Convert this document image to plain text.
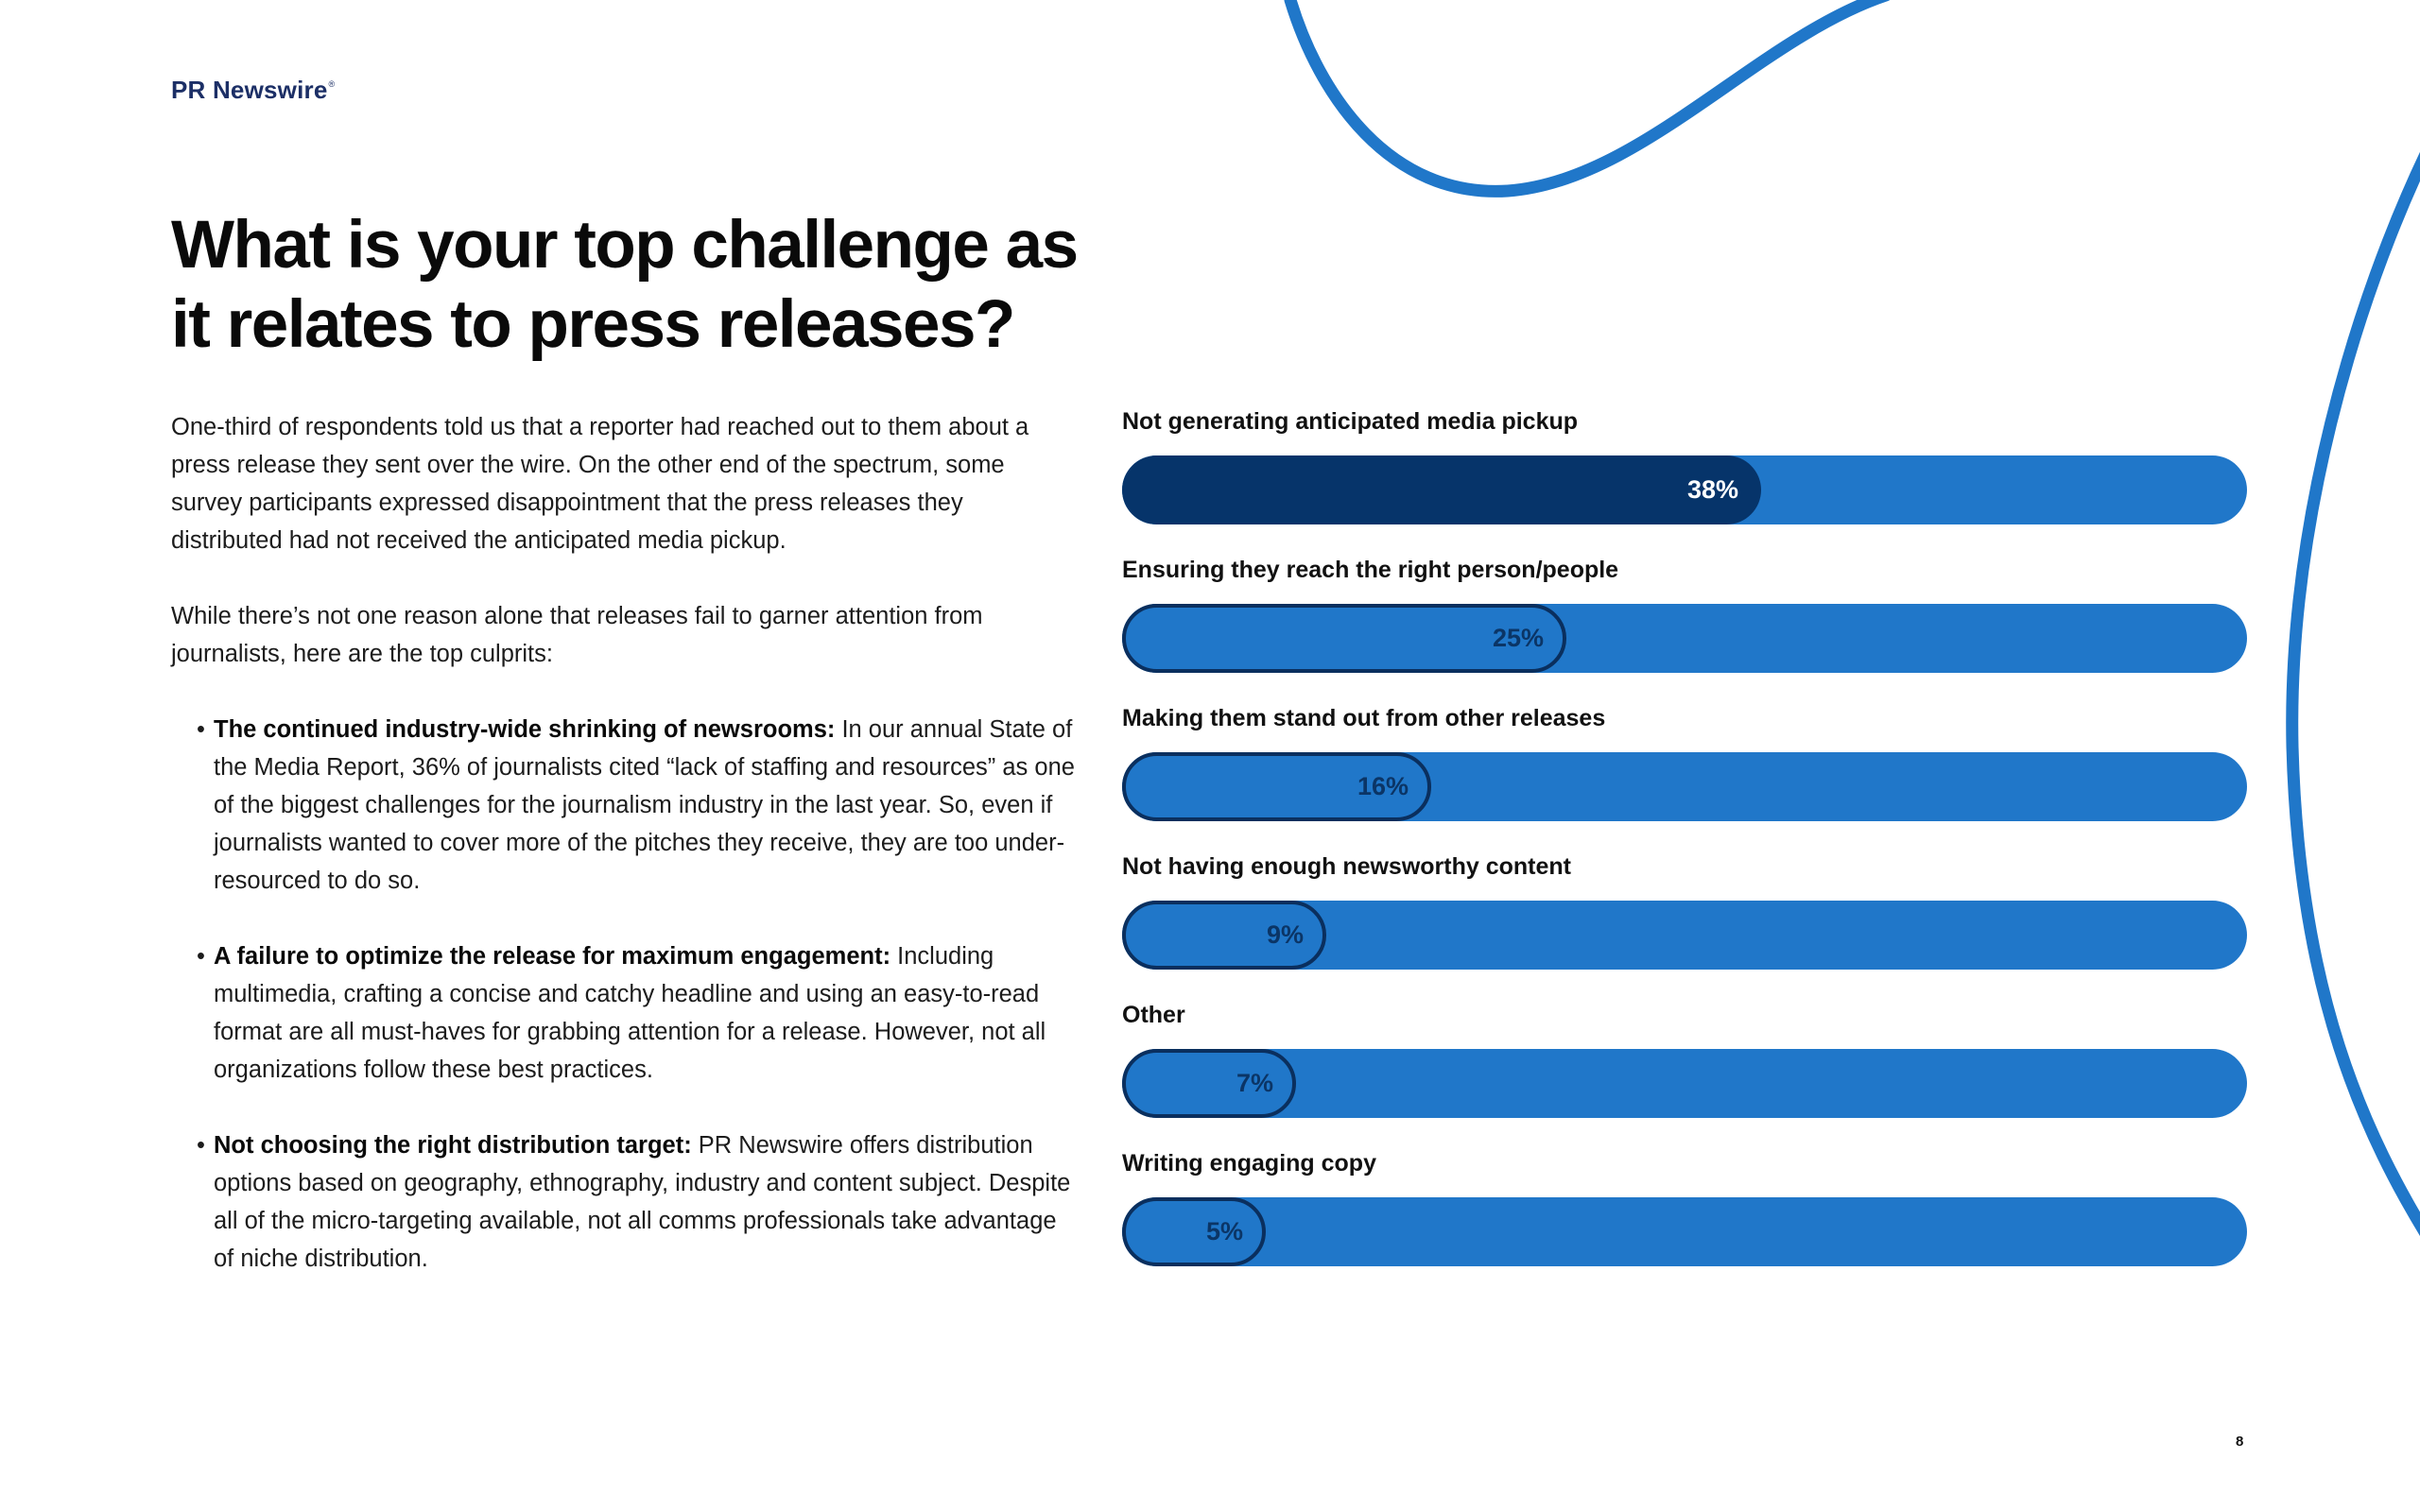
PR Newswire®
What is your top challenge as
it relates to press releases?

One-third of respondents told us that a reporter had reached out to them about a press release they sent over the wire. On the other end of the spectrum, some survey participants expressed disappointment that the press releases they distributed had not received the anticipated media pickup.

While there’s not one reason alone that releases fail to garner attention from journalists, here are the top culprits:

• The continued industry-wide shrinking of newsrooms: In our annual State of the Media Report, 36% of journalists cited “lack of staffing and resources” as one of the biggest challenges for the journalism industry in the last year. So, even if journalists wanted to cover more of the pitches they receive, they are too under-resourced to do so.
• A failure to optimize the release for maximum engagement: Including multimedia, crafting a concise and catchy headline and using an easy-to-read format are all must-haves for grabbing attention for a release. However, not all organizations follow these best practices.
• Not choosing the right distribution target: PR Newswire offers distribution options based on geography, ethnography, industry and content subject. Despite all of the micro-targeting available, not all comms professionals take advantage of niche distribution.
Not generating anticipated media pickup
38%
Ensuring they reach the right person/people
25%
Making them stand out from other releases
16%
Not having enough newsworthy content
9%
Other
7%
Writing engaging copy
5%
8
